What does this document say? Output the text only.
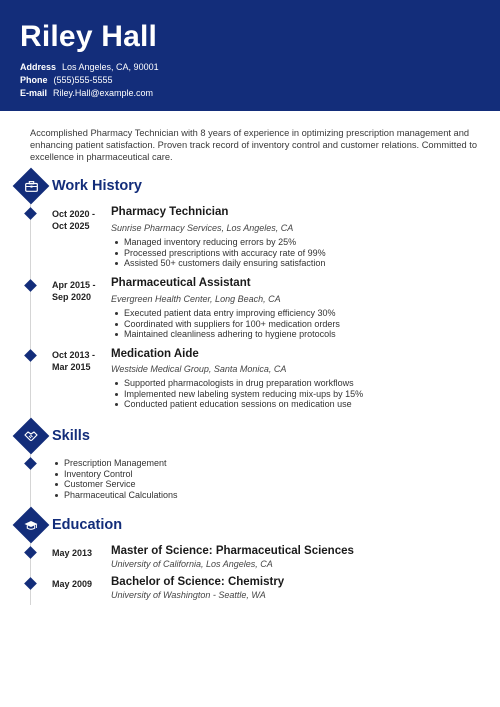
Riley Hall
Address Los Angeles, CA, 90001
Phone (555)555-5555
E-mail Riley.Hall@example.com
Accomplished Pharmacy Technician with 8 years of experience in optimizing prescription management and enhancing patient satisfaction. Proven track record of inventory control and customer relations. Committed to excellence in pharmaceutical care.
Work History
Oct 2020 -
Oct 2025
Pharmacy Technician
Sunrise Pharmacy Services, Los Angeles, CA
Managed inventory reducing errors by 25%
Processed prescriptions with accuracy rate of 99%
Assisted 50+ customers daily ensuring satisfaction
Apr 2015 -
Sep 2020
Pharmaceutical Assistant
Evergreen Health Center, Long Beach, CA
Executed patient data entry improving efficiency 30%
Coordinated with suppliers for 100+ medication orders
Maintained cleanliness adhering to hygiene protocols
Oct 2013 -
Mar 2015
Medication Aide
Westside Medical Group, Santa Monica, CA
Supported pharmacologists in drug preparation workflows
Implemented new labeling system reducing mix-ups by 15%
Conducted patient education sessions on medication use
Skills
Prescription Management
Inventory Control
Customer Service
Pharmaceutical Calculations
Education
May 2013	Master of Science: Pharmaceutical Sciences
University of California, Los Angeles, CA
May 2009	Bachelor of Science: Chemistry
University of Washington - Seattle, WA
